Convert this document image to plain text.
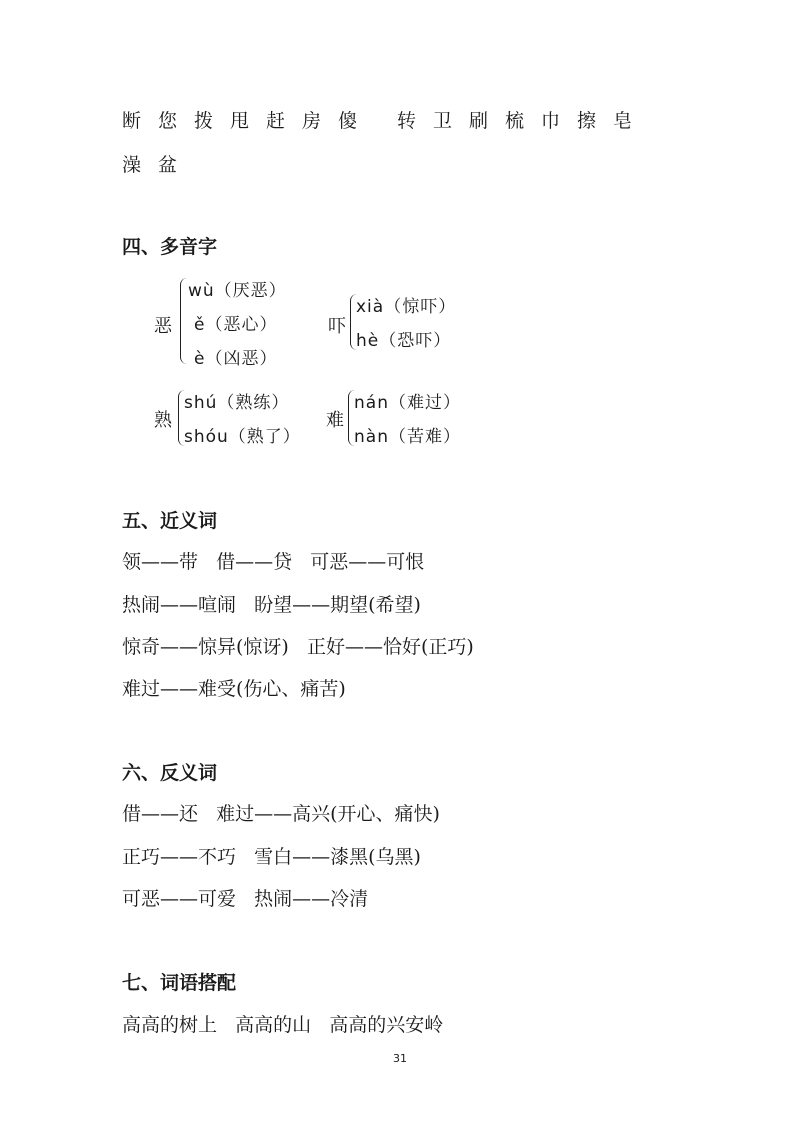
断您拨甩赶房傻 转卫刷梳巾擦皂
澡盆
四、多音字
恶
wù（厌恶）
ě（恶心）
è（凶恶）
吓
xià（惊吓）
hè（恐吓）
熟
shú（熟练）
shóu（熟了）
难
nán（难过）
nàn（苦难）
五、近义词
领——带   借——贷   可恶——可恨
热闹——喧闹   盼望——期望(希望)
惊奇——惊异(惊讶)   正好——恰好(正巧)
难过——难受(伤心、痛苦)
六、反义词
借——还   难过——高兴(开心、痛快)
正巧——不巧   雪白——漆黑(乌黑)
可恶——可爱   热闹——冷清
七、词语搭配
高高的树上   高高的山   高高的兴安岭
31
